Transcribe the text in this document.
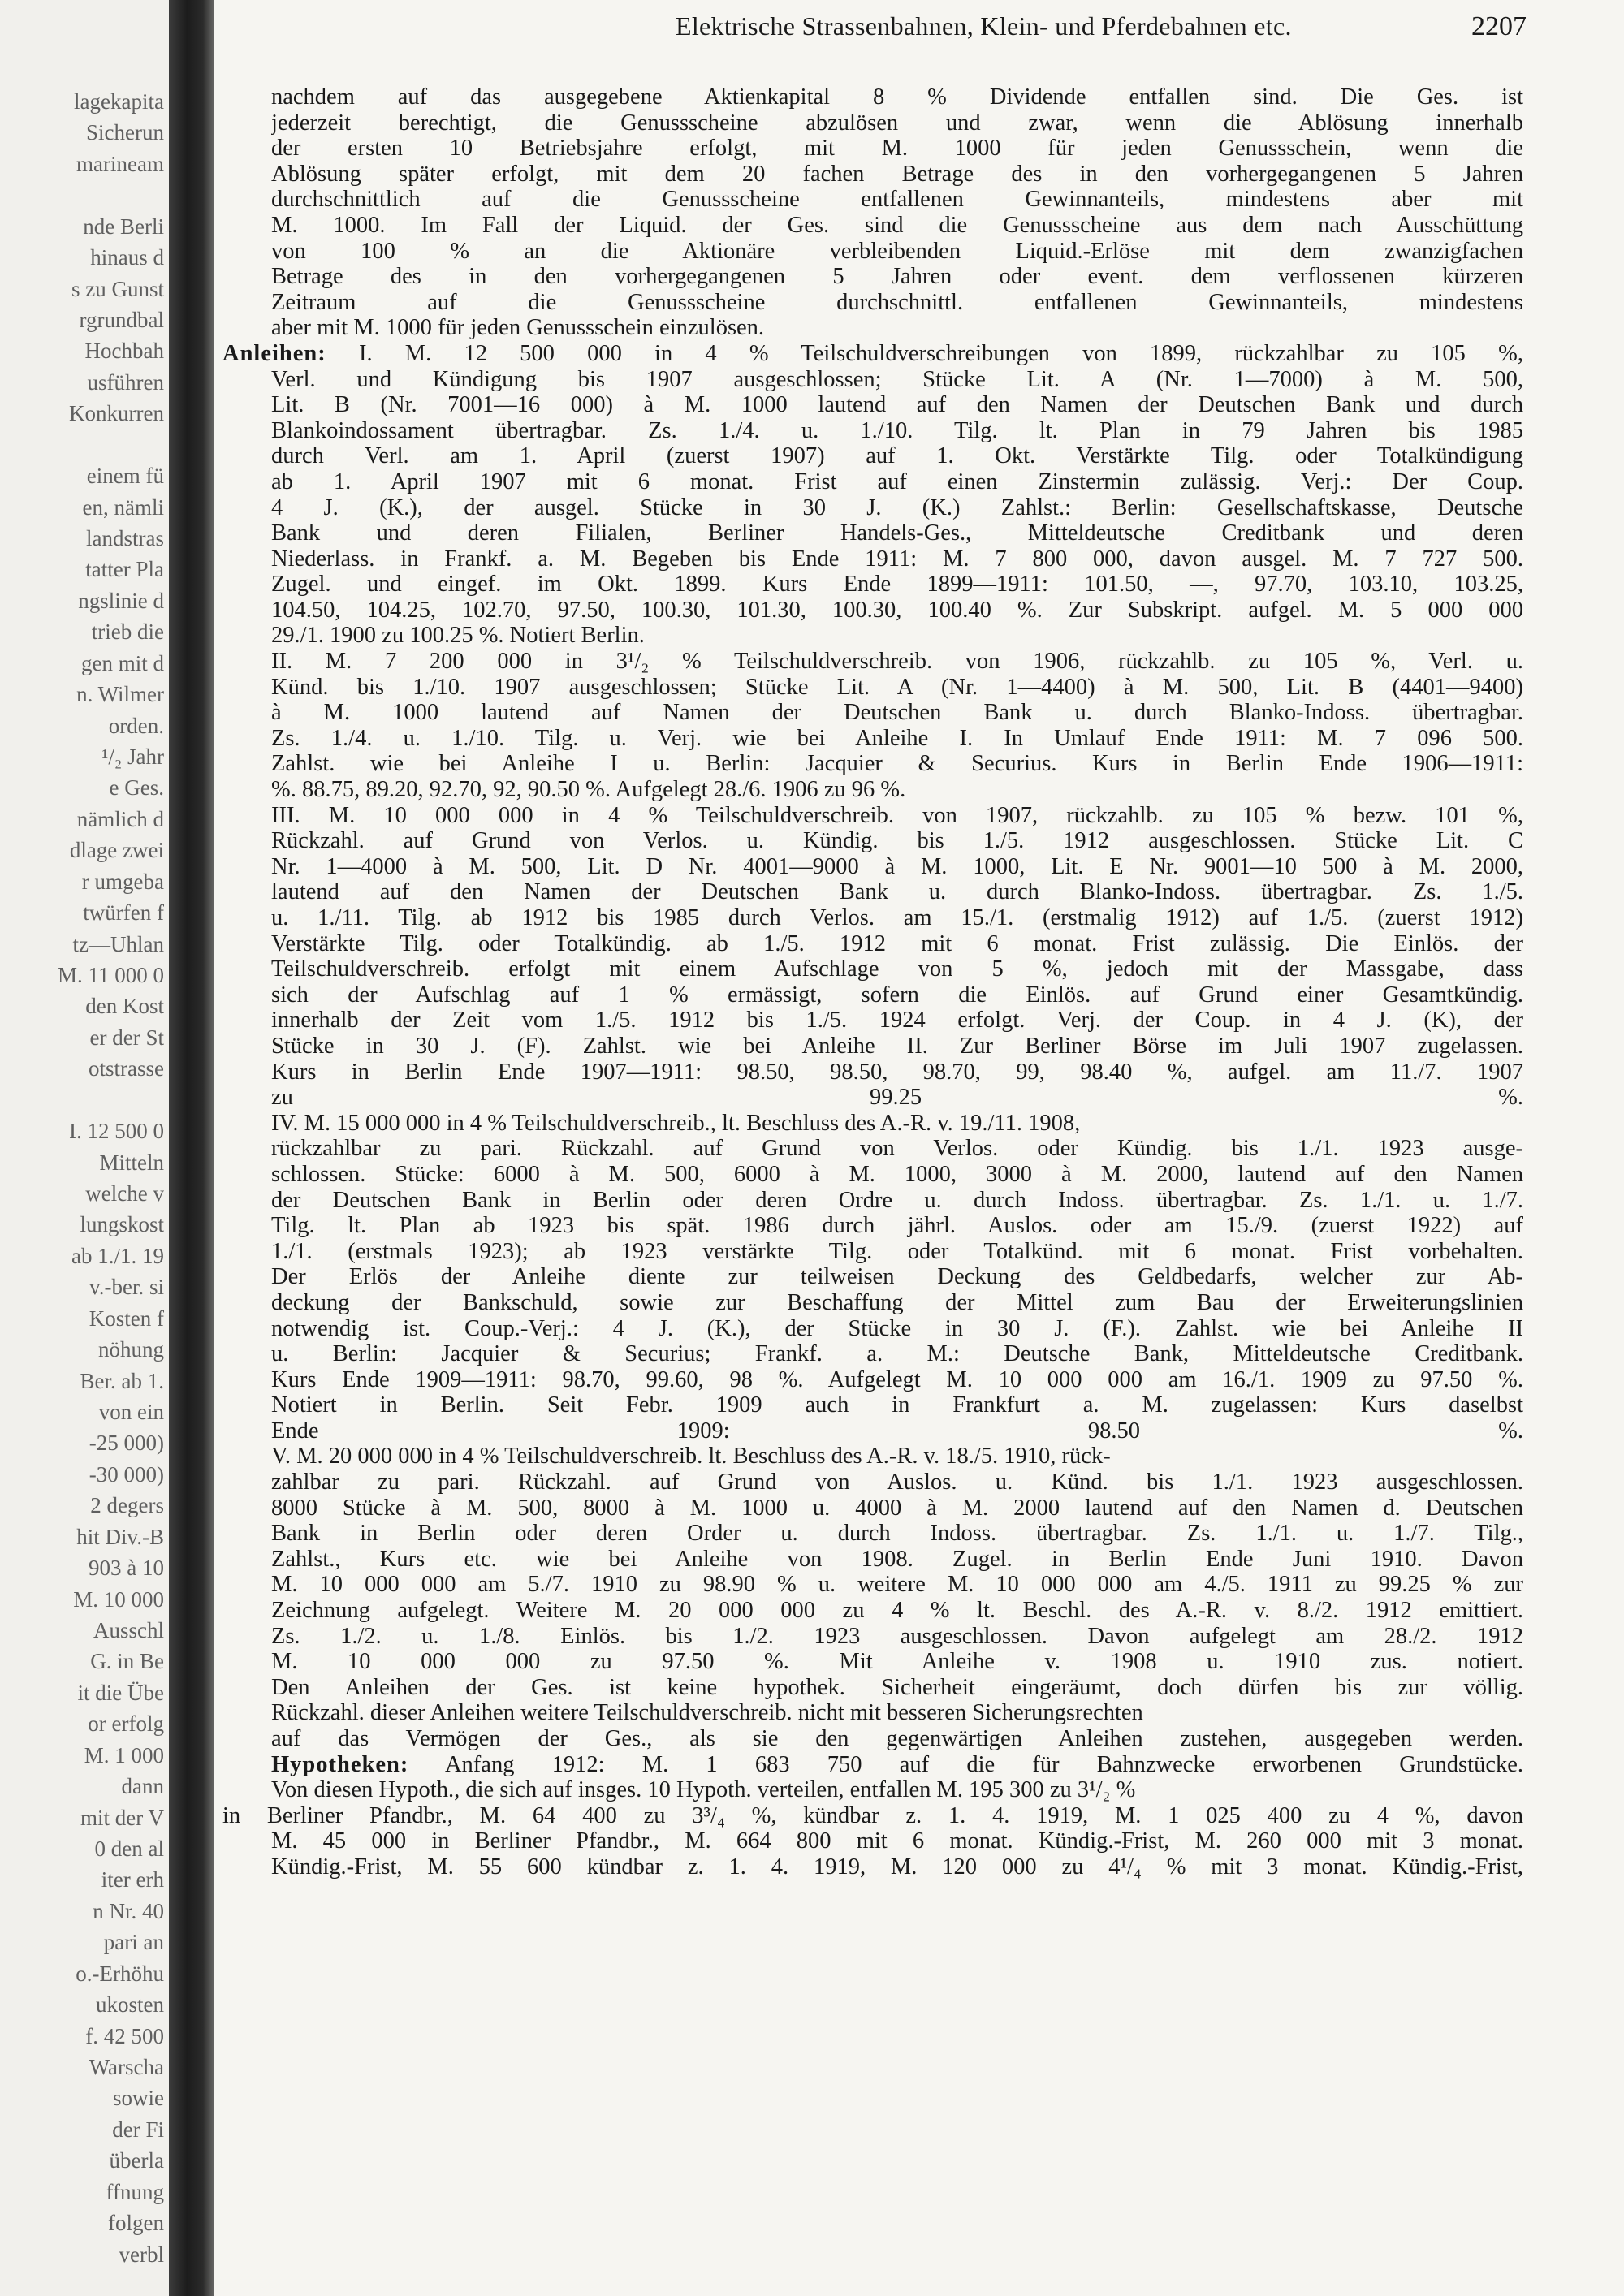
lagekapita
Sicherun
marineam
nde Berli
hinaus d
s zu Gunst
rgrundbal
Hochbah
usführen
Konkurren
einem fü
en, nämli
landstras
tatter Pla
ngslinie d
trieb die
gen mit d
n. Wilmer
orden.
¹/₂ Jahr
e Ges.
nämlich d
dlage zwei
r umgeba
twürfen f
tz—Uhlan
M. 11 000 0
den Kost
er der St
otstrasse
I. 12 500 0
Mitteln
welche v
lungskost
ab 1./1. 19
v.-ber. si
Kosten f
nöhung
Ber. ab 1.
von ein
-25 000)
-30 000)
2 degers
hit Div.-B
903 à 10
M. 10 000
Ausschl
G. in Be
it die Übe
or erfolg
M. 1 000
dann
mit der V
0 den al
iter erh
n Nr. 40
pari an
o.-Erhöhu
ukosten
f. 42 500
Warscha
sowie
der Fi
überla
ffnung
folgen
verbl
Elektrische Strassenbahnen, Klein- und Pferdebahnen etc.	2207
nachdem auf das ausgegebene Aktienkapital 8 % Dividende entfallen sind. Die Ges. ist
jederzeit berechtigt, die Genussscheine abzulösen und zwar, wenn die Ablösung innerhalb
der ersten 10 Betriebsjahre erfolgt, mit M. 1000 für jeden Genussschein, wenn die
Ablösung später erfolgt, mit dem 20 fachen Betrage des in den vorhergegangenen 5 Jahren
durchschnittlich auf die Genussscheine entfallenen Gewinnanteils, mindestens aber mit
M. 1000. Im Fall der Liquid. der Ges. sind die Genussscheine aus dem nach Ausschüttung
von 100 % an die Aktionäre verbleibenden Liquid.-Erlöse mit dem zwanzigfachen
Betrage des in den vorhergegangenen 5 Jahren oder event. dem verflossenen kürzeren
Zeitraum auf die Genussscheine durchschnittl. entfallenen Gewinnanteils, mindestens
aber mit M. 1000 für jeden Genussschein einzulösen.
Anleihen: I. M. 12 500 000 in 4 % Teilschuldverschreibungen von 1899, rückzahlbar zu 105 %,
Verl. und Kündigung bis 1907 ausgeschlossen; Stücke Lit. A (Nr. 1—7000) à M. 500,
Lit. B (Nr. 7001—16 000) à M. 1000 lautend auf den Namen der Deutschen Bank und durch
Blankoindossament übertragbar. Zs. 1./4. u. 1./10. Tilg. lt. Plan in 79 Jahren bis 1985
durch Verl. am 1. April (zuerst 1907) auf 1. Okt. Verstärkte Tilg. oder Totalkündigung
ab 1. April 1907 mit 6 monat. Frist auf einen Zinstermin zulässig. Verj.: Der Coup.
4 J. (K.), der ausgel. Stücke in 30 J. (K.) Zahlst.: Berlin: Gesellschaftskasse, Deutsche
Bank und deren Filialen, Berliner Handels-Ges., Mitteldeutsche Creditbank und deren
Niederlass. in Frankf. a. M. Begeben bis Ende 1911: M. 7 800 000, davon ausgel. M. 7 727 500.
Zugel. und eingef. im Okt. 1899. Kurs Ende 1899—1911: 101.50, —, 97.70, 103.10, 103.25,
104.50, 104.25, 102.70, 97.50, 100.30, 101.30, 100.30, 100.40 %. Zur Subskript. aufgel. M. 5 000 000
29./1. 1900 zu 100.25 %. Notiert Berlin.
II. M. 7 200 000 in 3¹/₂ % Teilschuldverschreib. von 1906, rückzahlb. zu 105 %, Verl. u.
Künd. bis 1./10. 1907 ausgeschlossen; Stücke Lit. A (Nr. 1—4400) à M. 500, Lit. B (4401—9400)
à M. 1000 lautend auf Namen der Deutschen Bank u. durch Blanko-Indoss. übertragbar.
Zs. 1./4. u. 1./10. Tilg. u. Verj. wie bei Anleihe I. In Umlauf Ende 1911: M. 7 096 500.
Zahlst. wie bei Anleihe I u. Berlin: Jacquier & Securius. Kurs in Berlin Ende 1906—1911:
%. 88.75, 89.20, 92.70, 92, 90.50 %. Aufgelegt 28./6. 1906 zu 96 %.
III. M. 10 000 000 in 4 % Teilschuldverschreib. von 1907, rückzahlb. zu 105 % bezw. 101 %,
Rückzahl. auf Grund von Verlos. u. Kündig. bis 1./5. 1912 ausgeschlossen. Stücke Lit. C
Nr. 1—4000 à M. 500, Lit. D Nr. 4001—9000 à M. 1000, Lit. E Nr. 9001—10 500 à M. 2000,
lautend auf den Namen der Deutschen Bank u. durch Blanko-Indoss. übertragbar. Zs. 1./5.
u. 1./11. Tilg. ab 1912 bis 1985 durch Verlos. am 15./1. (erstmalig 1912) auf 1./5. (zuerst 1912)
Verstärkte Tilg. oder Totalkündig. ab 1./5. 1912 mit 6 monat. Frist zulässig. Die Einlös. der
Teilschuldverschreib. erfolgt mit einem Aufschlage von 5 %, jedoch mit der Massgabe, dass
sich der Aufschlag auf 1 % ermässigt, sofern die Einlös. auf Grund einer Gesamtkündig.
innerhalb der Zeit vom 1./5. 1912 bis 1./5. 1924 erfolgt. Verj. der Coup. in 4 J. (K), der
Stücke in 30 J. (F). Zahlst. wie bei Anleihe II. Zur Berliner Börse im Juli 1907 zugelassen.
Kurs in Berlin Ende 1907—1911: 98.50, 98.50, 98.70, 99, 98.40 %, aufgel. am 11./7. 1907
zu 99.25 %.
IV. M. 15 000 000 in 4 % Teilschuldverschreib., lt. Beschluss des A.-R. v. 19./11. 1908,
rückzahlbar zu pari. Rückzahl. auf Grund von Verlos. oder Kündig. bis 1./1. 1923 ausge-
schlossen. Stücke: 6000 à M. 500, 6000 à M. 1000, 3000 à M. 2000, lautend auf den Namen
der Deutschen Bank in Berlin oder deren Ordre u. durch Indoss. übertragbar. Zs. 1./1. u. 1./7.
Tilg. lt. Plan ab 1923 bis spät. 1986 durch jährl. Auslos. oder am 15./9. (zuerst 1922) auf
1./1. (erstmals 1923); ab 1923 verstärkte Tilg. oder Totalkünd. mit 6 monat. Frist vorbehalten.
Der Erlös der Anleihe diente zur teilweisen Deckung des Geldbedarfs, welcher zur Ab-
deckung der Bankschuld, sowie zur Beschaffung der Mittel zum Bau der Erweiterungslinien
notwendig ist. Coup.-Verj.: 4 J. (K.), der Stücke in 30 J. (F.). Zahlst. wie bei Anleihe II
u. Berlin: Jacquier & Securius; Frankf. a. M.: Deutsche Bank, Mitteldeutsche Creditbank.
Kurs Ende 1909—1911: 98.70, 99.60, 98 %. Aufgelegt M. 10 000 000 am 16./1. 1909 zu 97.50 %.
Notiert in Berlin. Seit Febr. 1909 auch in Frankfurt a. M. zugelassen: Kurs daselbst
Ende 1909: 98.50 %.
V. M. 20 000 000 in 4 % Teilschuldverschreib. lt. Beschluss des A.-R. v. 18./5. 1910, rück-
zahlbar zu pari. Rückzahl. auf Grund von Auslos. u. Künd. bis 1./1. 1923 ausgeschlossen.
8000 Stücke à M. 500, 8000 à M. 1000 u. 4000 à M. 2000 lautend auf den Namen d. Deutschen
Bank in Berlin oder deren Order u. durch Indoss. übertragbar. Zs. 1./1. u. 1./7. Tilg.,
Zahlst., Kurs etc. wie bei Anleihe von 1908. Zugel. in Berlin Ende Juni 1910. Davon
M. 10 000 000 am 5./7. 1910 zu 98.90 % u. weitere M. 10 000 000 am 4./5. 1911 zu 99.25 % zur
Zeichnung aufgelegt. Weitere M. 20 000 000 zu 4 % lt. Beschl. des A.-R. v. 8./2. 1912 emittiert.
Zs. 1./2. u. 1./8. Einlös. bis 1./2. 1923 ausgeschlossen. Davon aufgelegt am 28./2. 1912
M. 10 000 000 zu 97.50 %. Mit Anleihe v. 1908 u. 1910 zus. notiert.
Den Anleihen der Ges. ist keine hypothek. Sicherheit eingeräumt, doch dürfen bis zur völlig.
Rückzahl. dieser Anleihen weitere Teilschuldverschreib. nicht mit besseren Sicherungsrechten
auf das Vermögen der Ges., als sie den gegenwärtigen Anleihen zustehen, ausgegeben werden.
Hypotheken: Anfang 1912: M. 1 683 750 auf die für Bahnzwecke erworbenen Grundstücke.
Von diesen Hypoth., die sich auf insges. 10 Hypoth. verteilen, entfallen M. 195 300 zu 3¹/₂ %
in Berliner Pfandbr., M. 64 400 zu 3³/₄ %, kündbar z. 1. 4. 1919, M. 1 025 400 zu 4 %, davon
M. 45 000 in Berliner Pfandbr., M. 664 800 mit 6 monat. Kündig.-Frist, M. 260 000 mit 3 monat.
Kündig.-Frist, M. 55 600 kündbar z. 1. 4. 1919, M. 120 000 zu 4¹/₄ % mit 3 monat. Kündig.-Frist,
